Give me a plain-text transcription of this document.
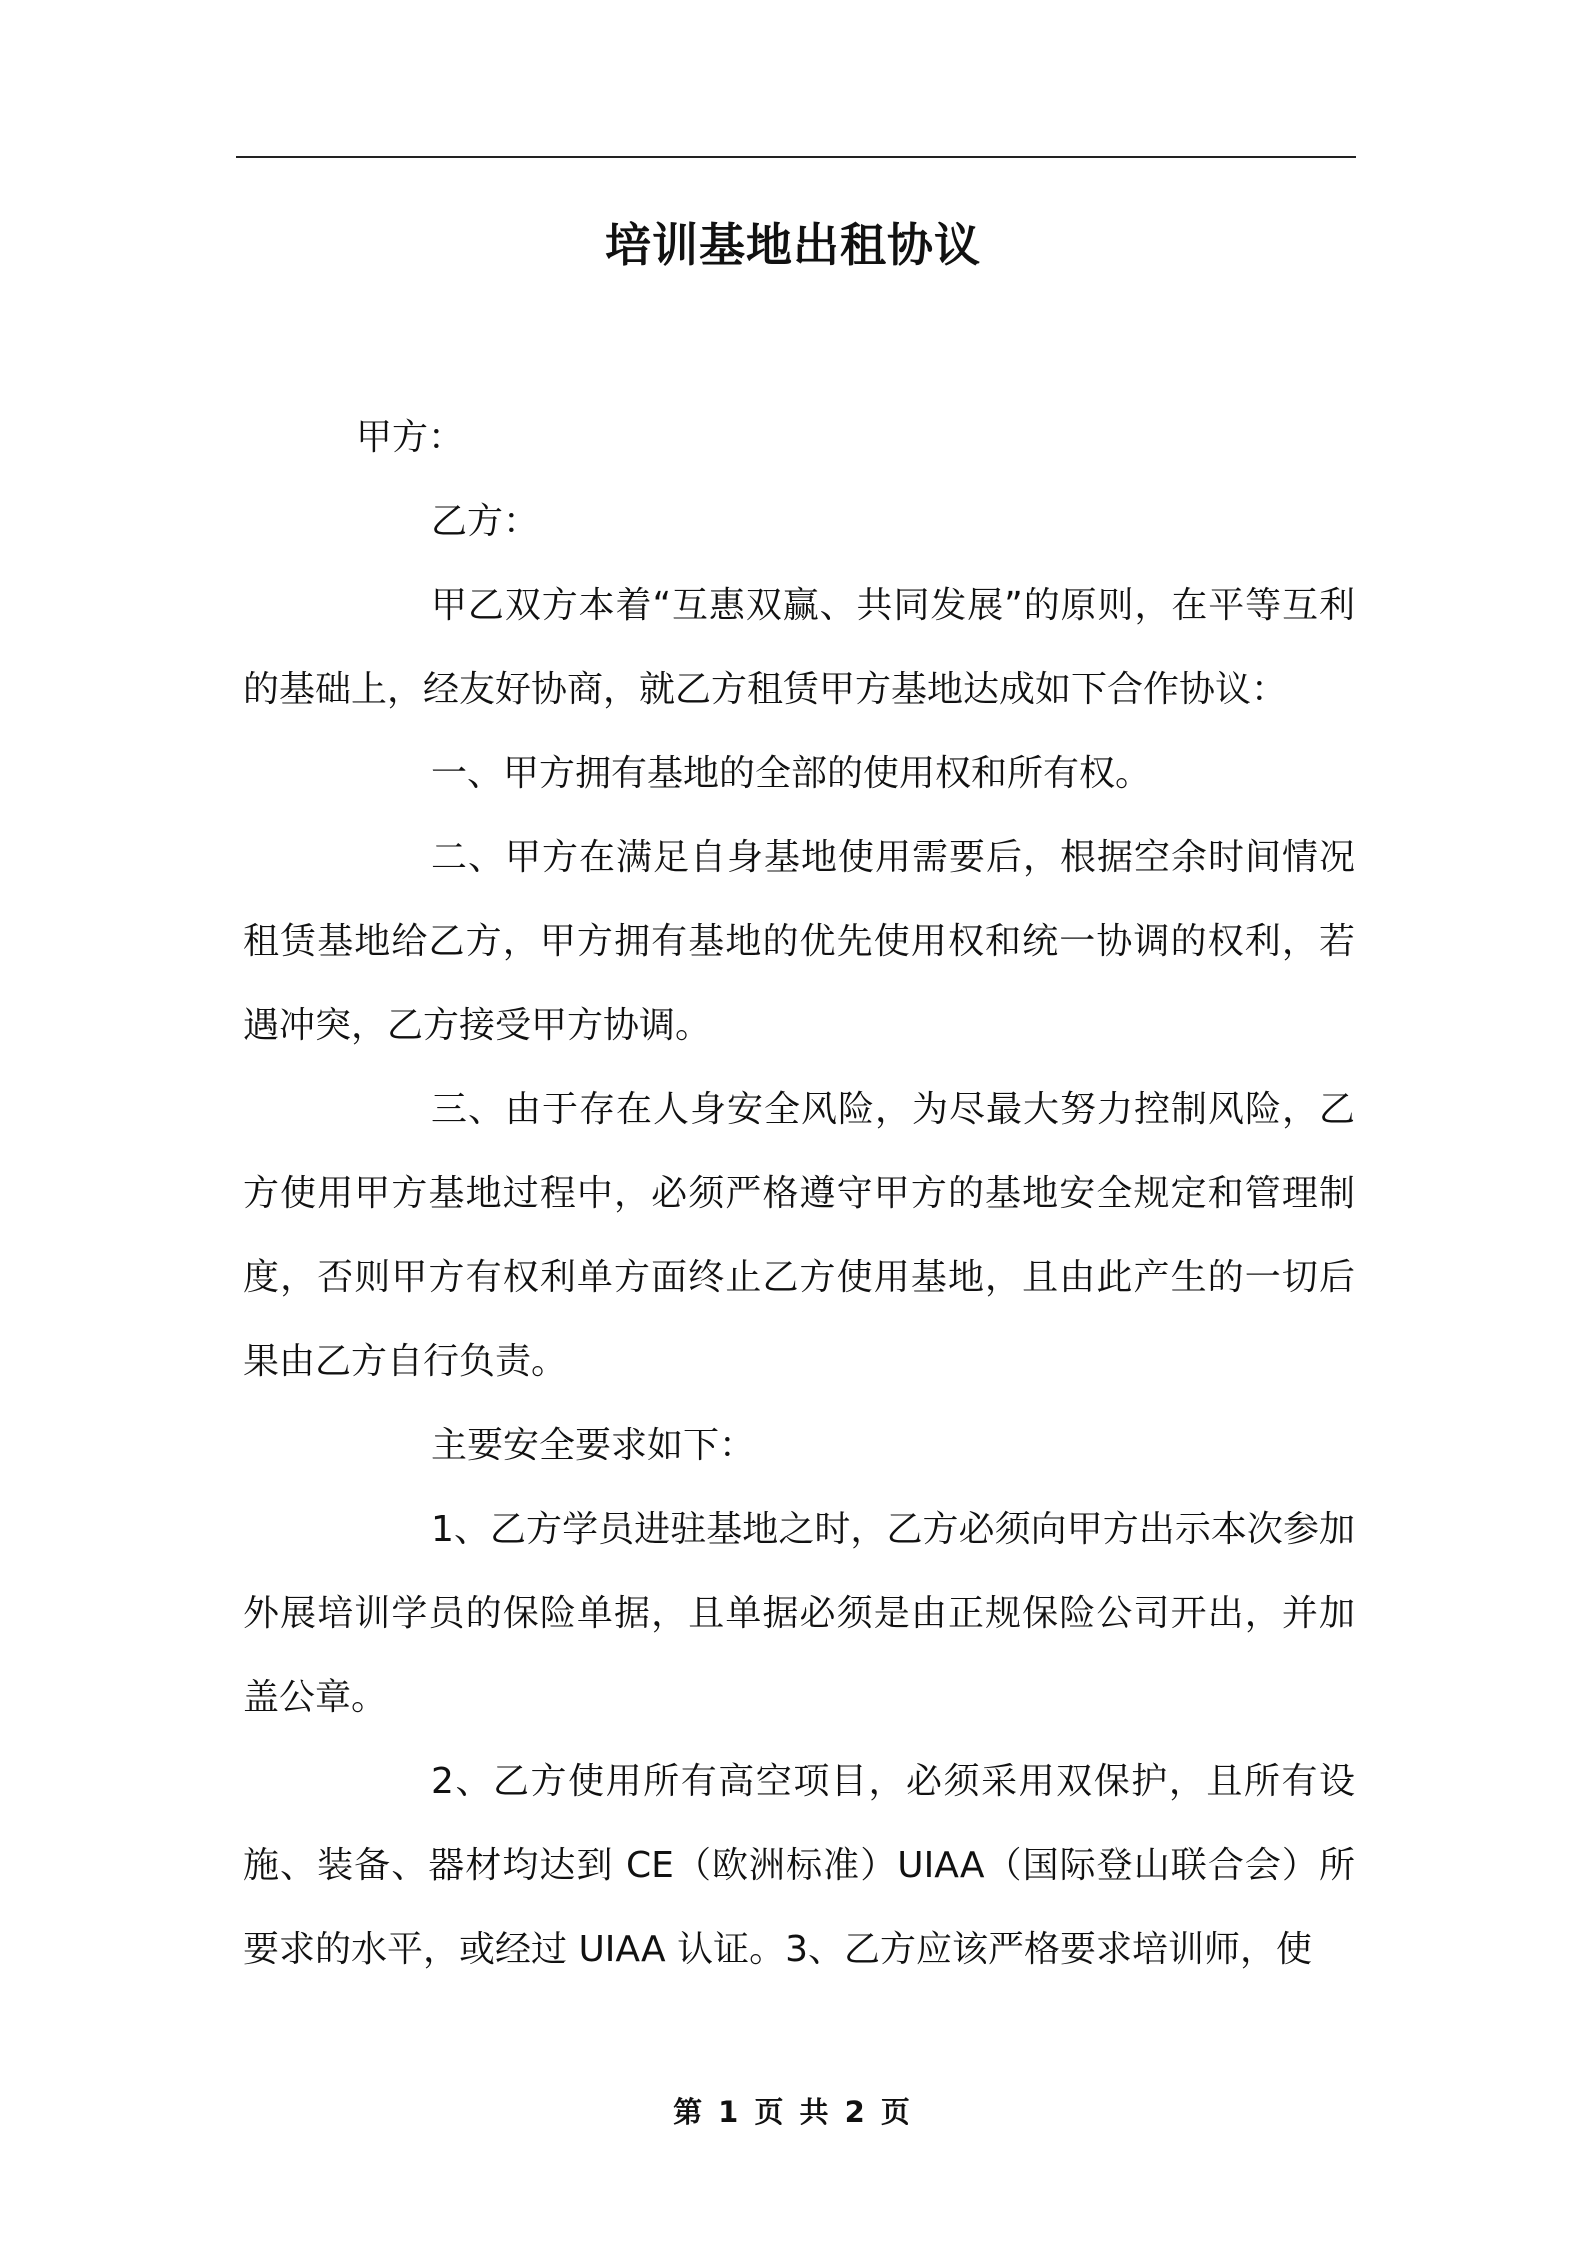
培训基地出租协议

甲方：

乙方：

甲乙双方本着“互惠双赢、共同发展”的原则，在平等互利的基础上，经友好协商，就乙方租赁甲方基地达成如下合作协议：

一、甲方拥有基地的全部的使用权和所有权。

二、甲方在满足自身基地使用需要后，根据空余时间情况租赁基地给乙方，甲方拥有基地的优先使用权和统一协调的权利，若遇冲突，乙方接受甲方协调。

三、由于存在人身安全风险，为尽最大努力控制风险，乙方使用甲方基地过程中，必须严格遵守甲方的基地安全规定和管理制度，否则甲方有权利单方面终止乙方使用基地，且由此产生的一切后果由乙方自行负责。

主要安全要求如下：

1、乙方学员进驻基地之时，乙方必须向甲方出示本次参加外展培训学员的保险单据，且单据必须是由正规保险公司开出，并加盖公章。

2、乙方使用所有高空项目，必须采用双保护，且所有设施、装备、器材均达到 CE（欧洲标准）UIAA（国际登山联合会）所要求的水平，或经过 UIAA 认证。3、乙方应该严格要求培训师，使

第 1 页 共 2 页
